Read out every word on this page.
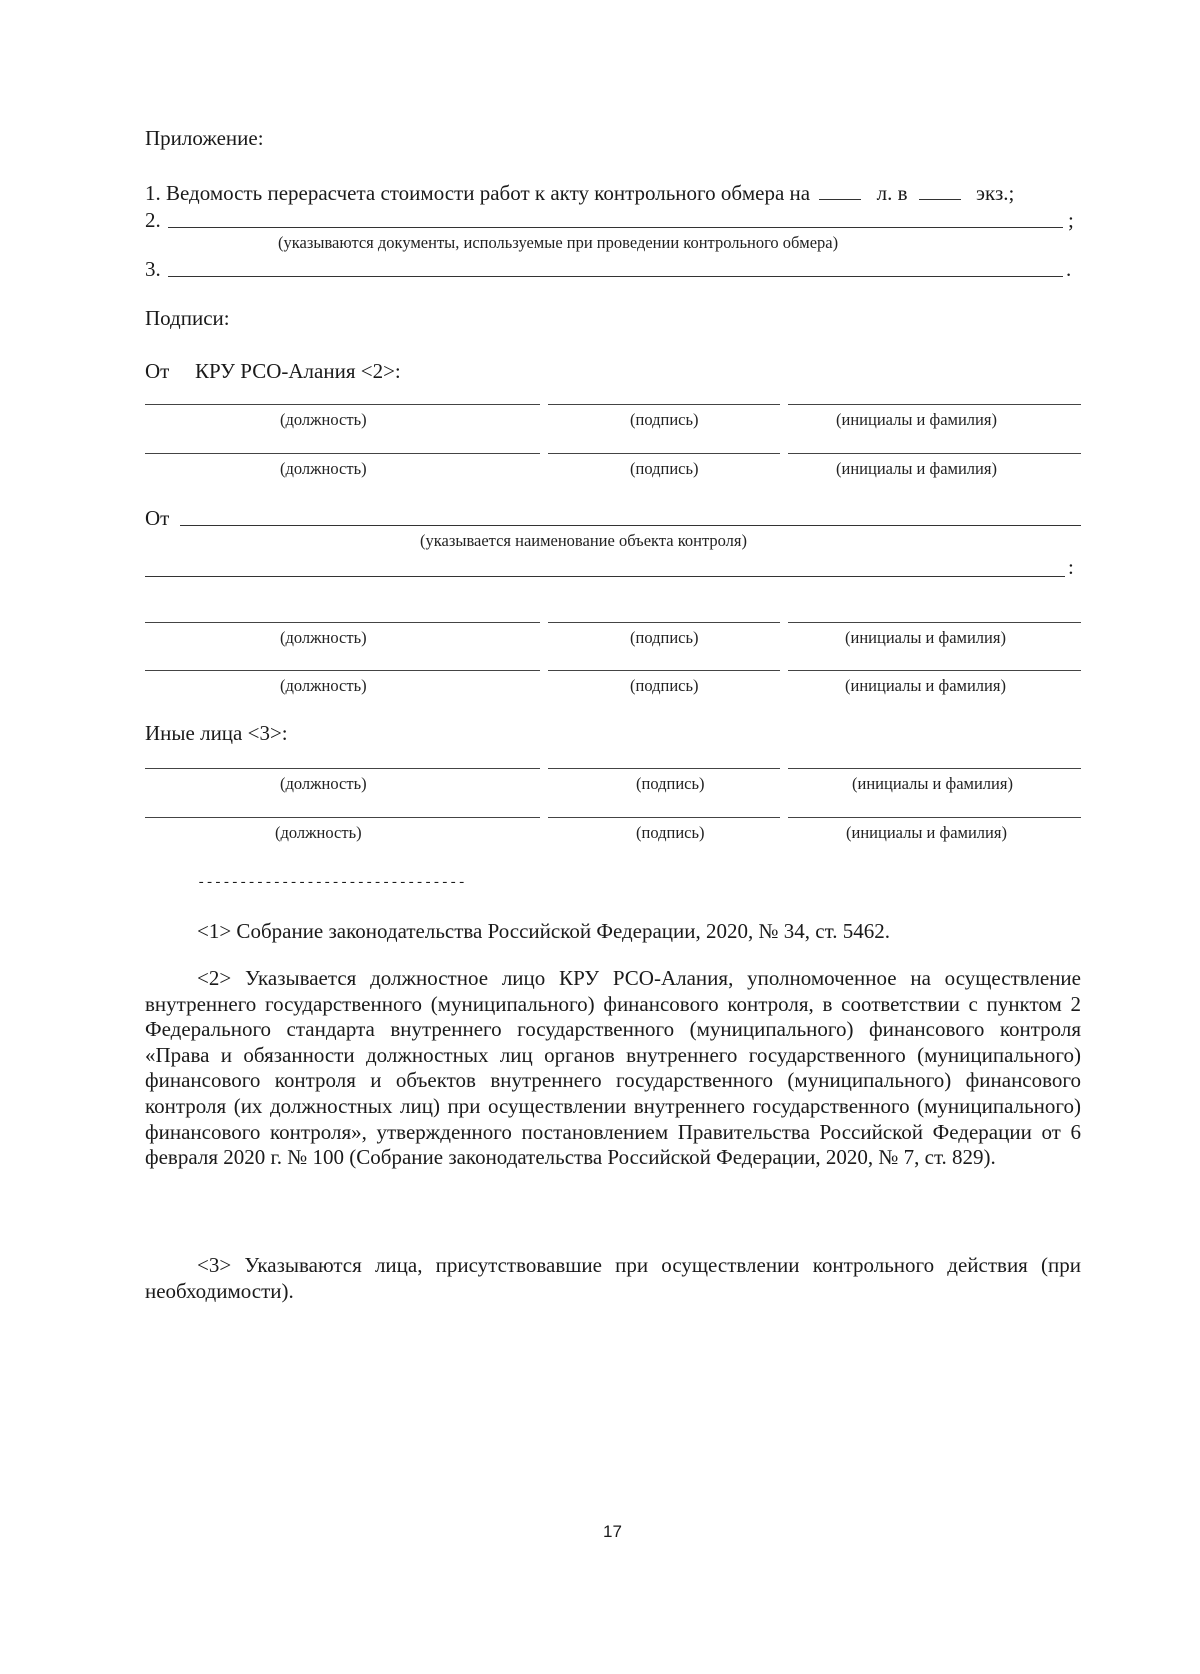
Приложение:
1. Ведомость перерасчета стоимости работ к акту контрольного обмера на	л. в	экз.;
2.	;
(указываются документы, используемые при проведении контрольного обмера)
3.	.
Подписи:
От КРУ РСО-Алания <2>:
(должность)	(подпись)	(инициалы и фамилия)
(должность)	(подпись)	(инициалы и фамилия)
От
(указывается наименование объекта контроля)
:
(должность)	(подпись)	(инициалы и фамилия)
(должность)	(подпись)	(инициалы и фамилия)
Иные лица <3>:
(должность)	(подпись)	(инициалы и фамилия)
(должность)	(подпись)	(инициалы и фамилия)
--------------------------------
<1> Собрание законодательства Российской Федерации, 2020, № 34, ст. 5462.
<2> Указывается должностное лицо КРУ РСО-Алания, уполномоченное на осуществление внутреннего государственного (муниципального) финансового контроля, в соответствии с пунктом 2 Федерального стандарта внутреннего государственного (муниципального) финансового контроля «Права и обязанности должностных лиц органов внутреннего государственного (муниципального) финансового контроля и объектов внутреннего государственного (муниципального) финансового контроля (их должностных лиц) при осуществлении внутреннего государственного (муниципального) финансового контроля», утвержденного постановлением Правительства Российской Федерации от 6 февраля 2020 г. № 100 (Собрание законодательства Российской Федерации, 2020, № 7, ст. 829).
<3> Указываются лица, присутствовавшие при осуществлении контрольного действия (при необходимости).
17
